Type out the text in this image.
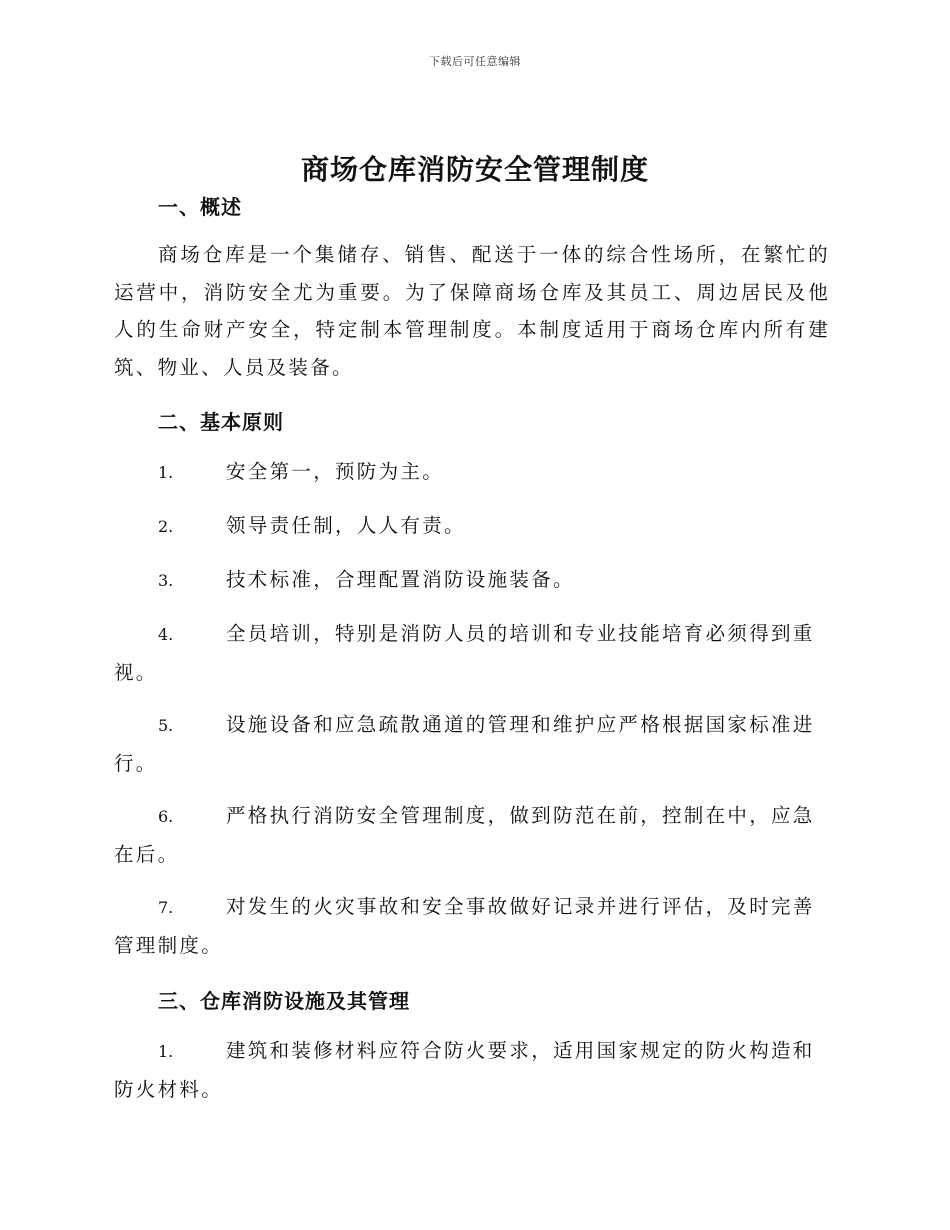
下载后可任意编辑
商场仓库消防安全管理制度
一、概述
商场仓库是一个集储存、销售、配送于一体的综合性场所，在繁忙的运营中，消防安全尤为重要。为了保障商场仓库及其员工、周边居民及他人的生命财产安全，特定制本管理制度。本制度适用于商场仓库内所有建筑、物业、人员及装备。
二、基本原则
1.	安全第一，预防为主。
2.	领导责任制，人人有责。
3.	技术标准，合理配置消防设施装备。
4.	全员培训，特别是消防人员的培训和专业技能培育必须得到重视。
5.	设施设备和应急疏散通道的管理和维护应严格根据国家标准进行。
6.	严格执行消防安全管理制度，做到防范在前，控制在中，应急在后。
7.	对发生的火灾事故和安全事故做好记录并进行评估，及时完善管理制度。
三、仓库消防设施及其管理
1.	建筑和装修材料应符合防火要求，适用国家规定的防火构造和防火材料。
